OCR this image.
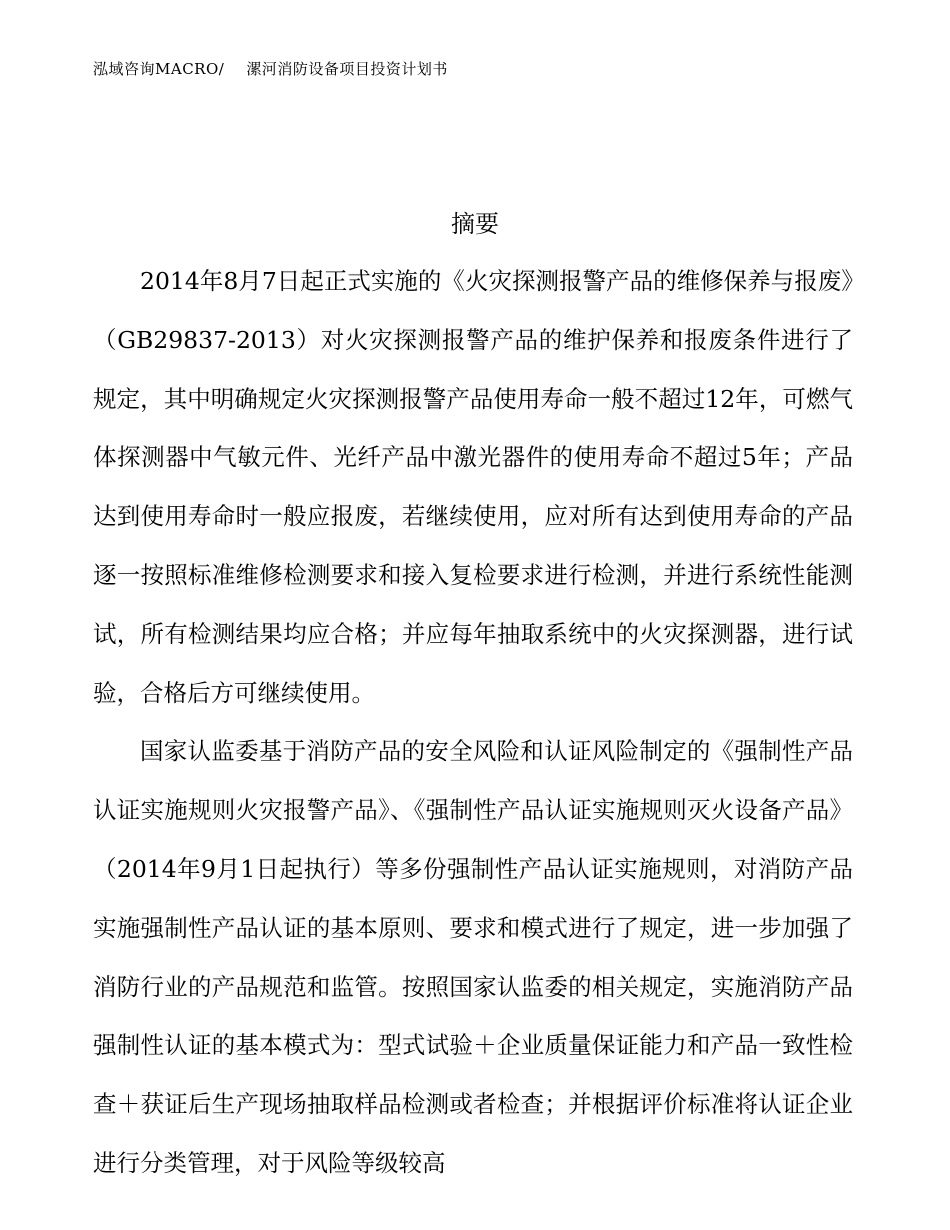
泓域咨询MACRO/ 漯河消防设备项目投资计划书
摘要

2014年8月7日起正式实施的《火灾探测报警产品的维修保养与报废》（GB29837-2013）对火灾探测报警产品的维护保养和报废条件进行了规定，其中明确规定火灾探测报警产品使用寿命一般不超过12年，可燃气体探测器中气敏元件、光纤产品中激光器件的使用寿命不超过5年；产品达到使用寿命时一般应报废，若继续使用，应对所有达到使用寿命的产品逐一按照标准维修检测要求和接入复检要求进行检测，并进行系统性能测试，所有检测结果均应合格；并应每年抽取系统中的火灾探测器，进行试验，合格后方可继续使用。

国家认监委基于消防产品的安全风险和认证风险制定的《强制性产品认证实施规则火灾报警产品》、《强制性产品认证实施规则灭火设备产品》（2014年9月1日起执行）等多份强制性产品认证实施规则，对消防产品实施强制性产品认证的基本原则、要求和模式进行了规定，进一步加强了消防行业的产品规范和监管。按照国家认监委的相关规定，实施消防产品强制性认证的基本模式为：型式试验＋企业质量保证能力和产品一致性检查＋获证后生产现场抽取样品检测或者检查；并根据评价标准将认证企业进行分类管理，对于风险等级较高
